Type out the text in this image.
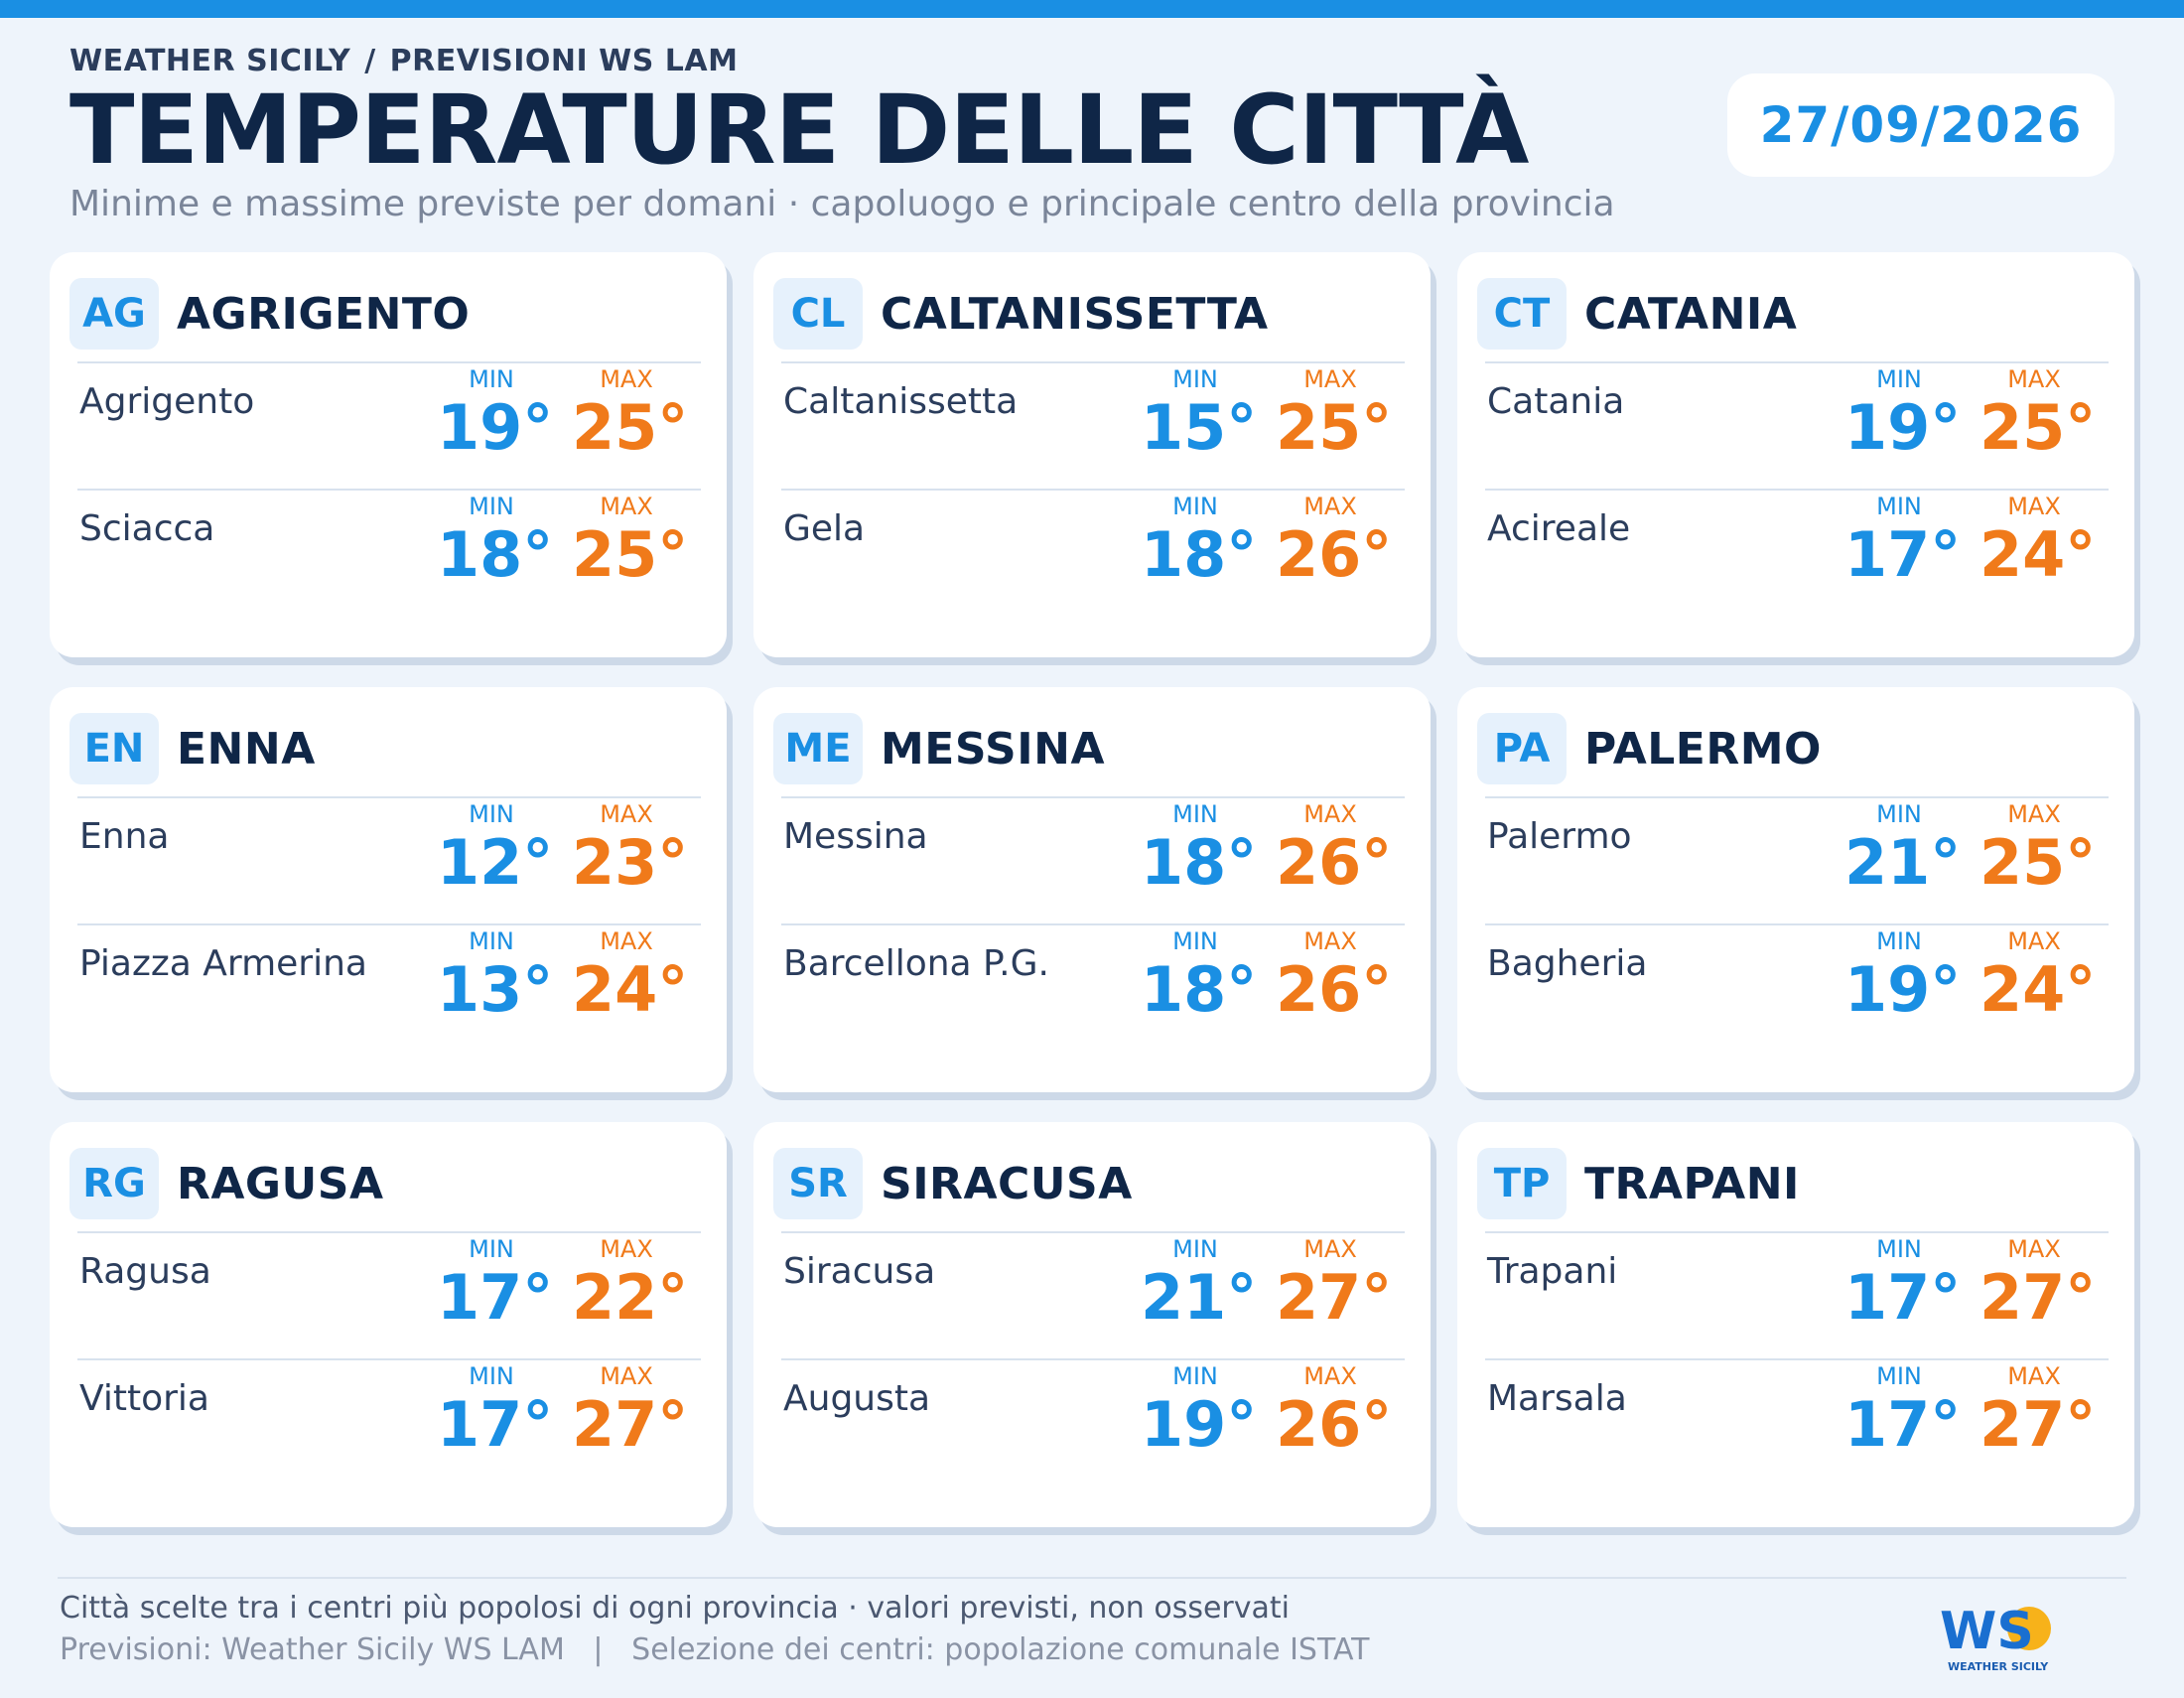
WEATHER SICILY / PREVISIONI WS LAM
TEMPERATURE DELLE CITTÀ
Minime e massime previste per domani · capoluogo e principale centro della provincia
27/09/2026
AG AGRIGENTO
Agrigento
MIN
19°
MAX
25°
Sciacca
MIN
18°
MAX
25°
CL CALTANISSETTA
Caltanissetta
MIN
15°
MAX
25°
Gela
MIN
18°
MAX
26°
CT CATANIA
Catania
MIN
19°
MAX
25°
Acireale
MIN
17°
MAX
24°
EN ENNA
Enna
MIN
12°
MAX
23°
Piazza Armerina
MIN
13°
MAX
24°
ME MESSINA
Messina
MIN
18°
MAX
26°
Barcellona P.G.
MIN
18°
MAX
26°
PA PALERMO
Palermo
MIN
21°
MAX
25°
Bagheria
MIN
19°
MAX
24°
RG RAGUSA
Ragusa
MIN
17°
MAX
22°
Vittoria
MIN
17°
MAX
27°
SR SIRACUSA
Siracusa
MIN
21°
MAX
27°
Augusta
MIN
19°
MAX
26°
TP TRAPANI
Trapani
MIN
17°
MAX
27°
Marsala
MIN
17°
MAX
27°
Città scelte tra i centri più popolosi di ogni provincia · valori previsti, non osservati
Previsioni: Weather Sicily WS LAM   |   Selezione dei centri: popolazione comunale ISTAT	WS
WEATHER SICILY
